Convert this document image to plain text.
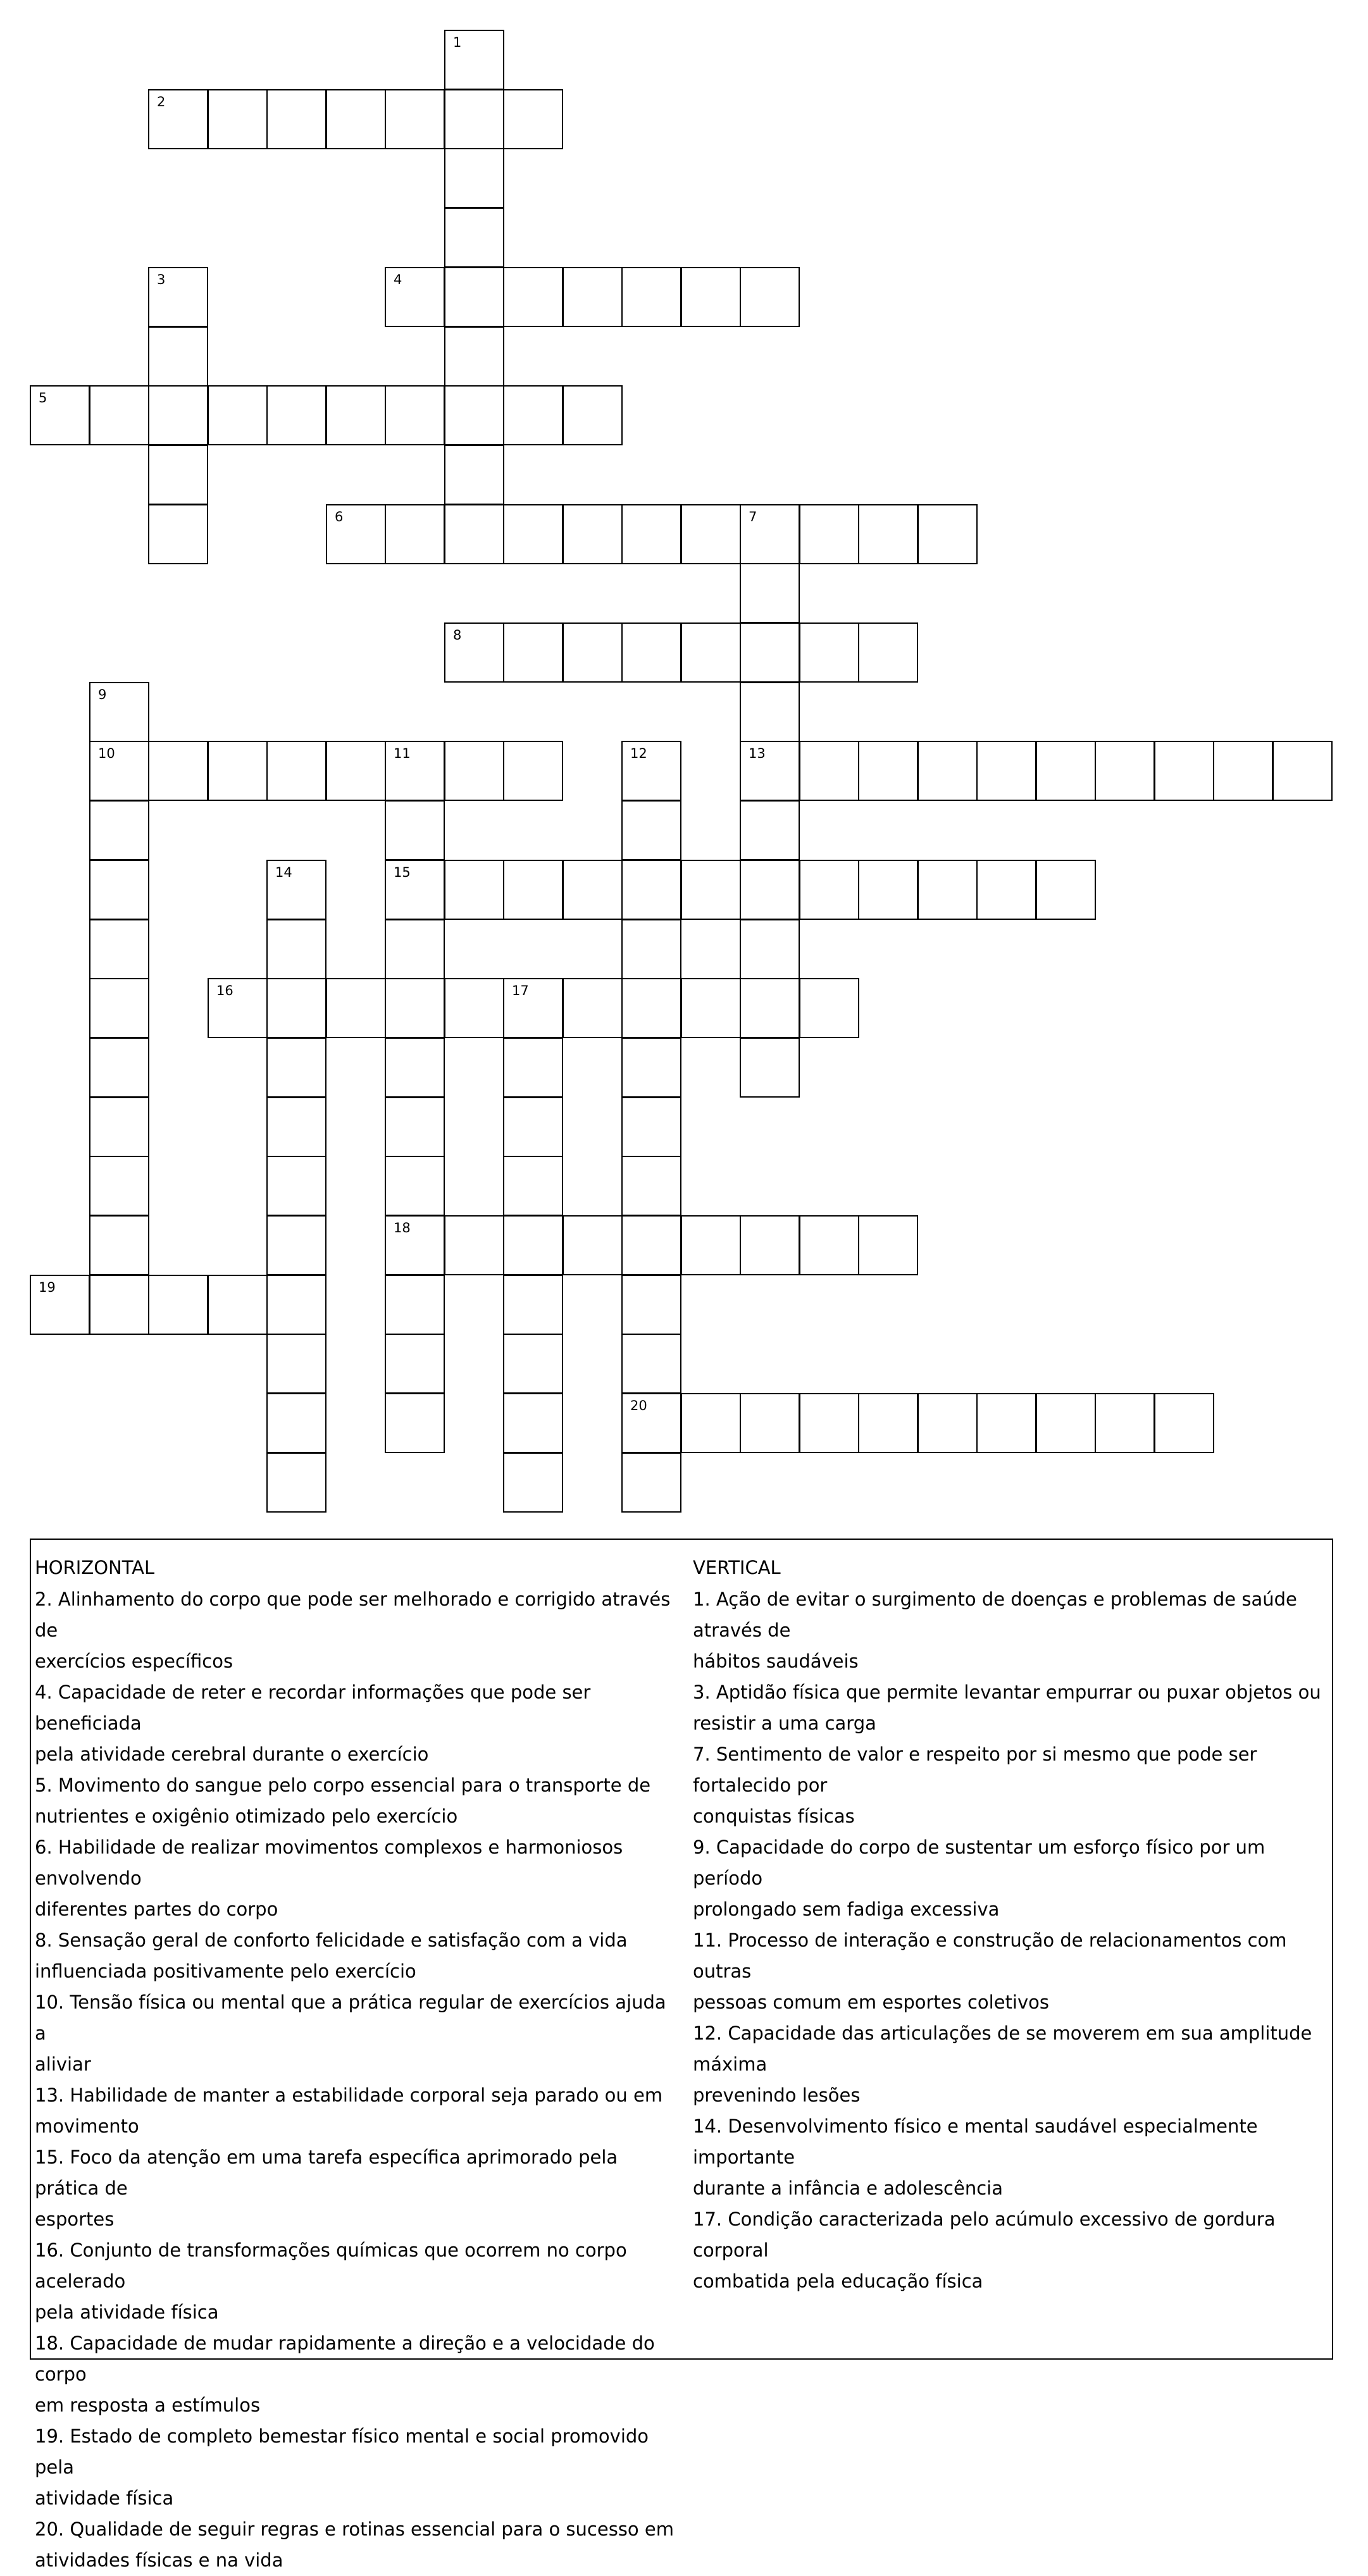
1
2
3	4
5
6	7
8
9
10	11	12	13
14	15
16	17
18
19
20
HORIZONTAL
2. Alinhamento do corpo que pode ser melhorado e corrigido através de
exercícios específicos
4. Capacidade de reter e recordar informações que pode ser beneficiada
pela atividade cerebral durante o exercício
5. Movimento do sangue pelo corpo essencial para o transporte de
nutrientes e oxigênio otimizado pelo exercício
6. Habilidade de realizar movimentos complexos e harmoniosos envolvendo
diferentes partes do corpo
8. Sensação geral de conforto felicidade e satisfação com a vida
influenciada positivamente pelo exercício
10. Tensão física ou mental que a prática regular de exercícios ajuda a
aliviar
13. Habilidade de manter a estabilidade corporal seja parado ou em
movimento
15. Foco da atenção em uma tarefa específica aprimorado pela prática de
esportes
16. Conjunto de transformações químicas que ocorrem no corpo acelerado
pela atividade física
18. Capacidade de mudar rapidamente a direção e a velocidade do corpo
em resposta a estímulos
19. Estado de completo bemestar físico mental e social promovido pela
atividade física
20. Qualidade de seguir regras e rotinas essencial para o sucesso em
atividades físicas e na vida
VERTICAL
1. Ação de evitar o surgimento de doenças e problemas de saúde através de
hábitos saudáveis
3. Aptidão física que permite levantar empurrar ou puxar objetos ou
resistir a uma carga
7. Sentimento de valor e respeito por si mesmo que pode ser fortalecido por
conquistas físicas
9. Capacidade do corpo de sustentar um esforço físico por um período
prolongado sem fadiga excessiva
11. Processo de interação e construção de relacionamentos com outras
pessoas comum em esportes coletivos
12. Capacidade das articulações de se moverem em sua amplitude máxima
prevenindo lesões
14. Desenvolvimento físico e mental saudável especialmente importante
durante a infância e adolescência
17. Condição caracterizada pelo acúmulo excessivo de gordura corporal
combatida pela educação física
